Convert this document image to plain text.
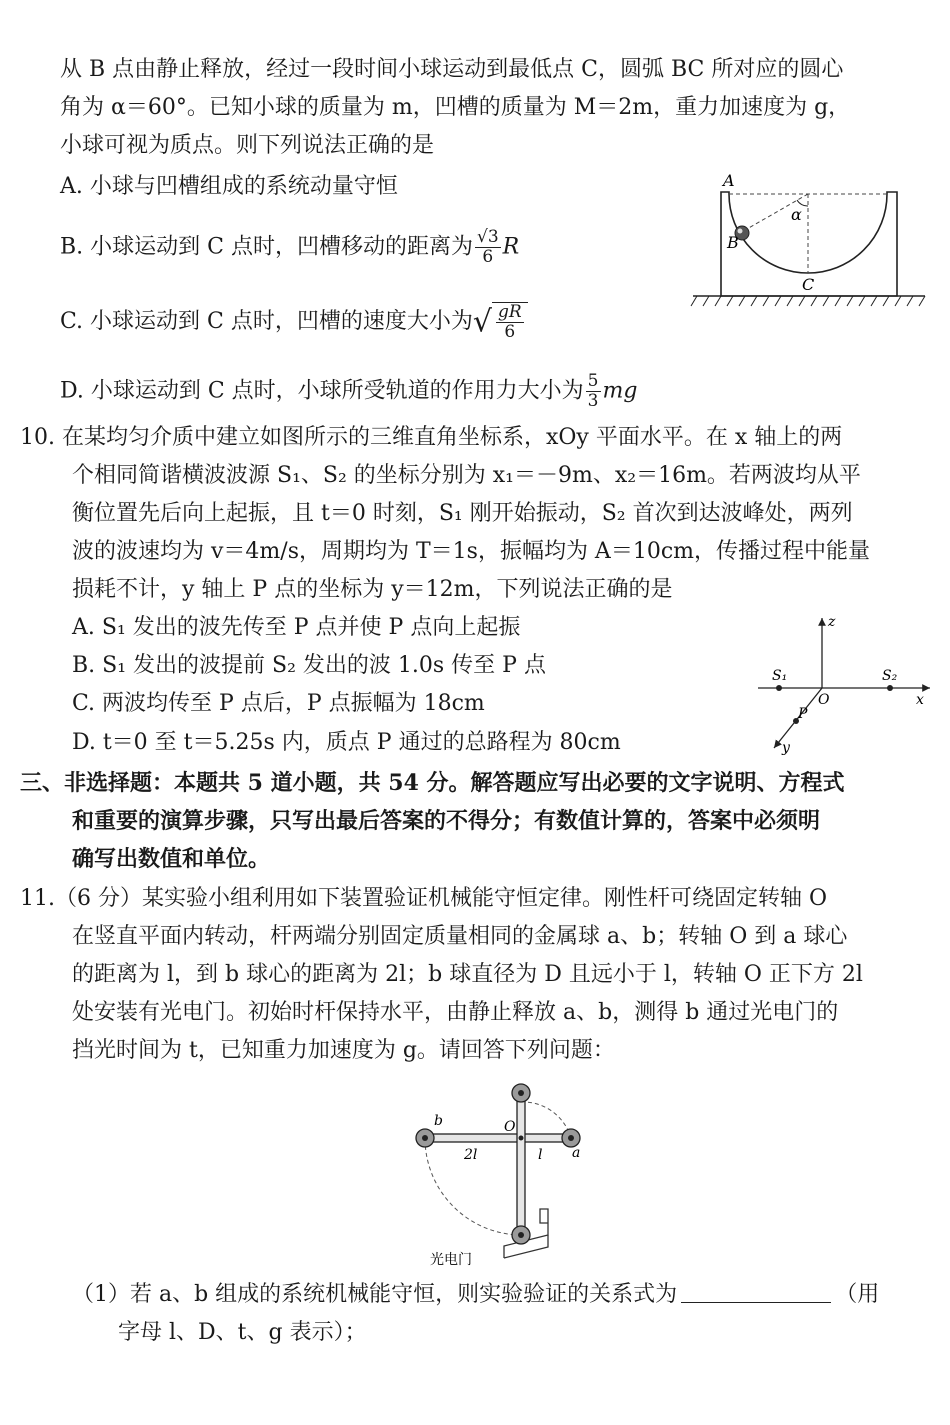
从 B 点由静止释放，经过一段时间小球运动到最低点 C，圆弧 BC 所对应的圆心
角为 α＝60°。已知小球的质量为 m，凹槽的质量为 M＝2m，重力加速度为 g，
小球可视为质点。则下列说法正确的是
A. 小球与凹槽组成的系统动量守恒
B. 小球运动到 C 点时，凹槽移动的距离为 $\frac{√3}{6}$ R
C. 小球运动到 C 点时，凹槽的速度大小为√ $\frac{gR}{6}$
D. 小球运动到 C 点时，小球所受轨道的作用力大小为 $\frac{5}{3}$ mg
A
B
C
α
10. 在某均匀介质中建立如图所示的三维直角坐标系，xOy 平面水平。在 x 轴上的两
个相同简谐横波波源 S₁、S₂ 的坐标分别为 x₁＝－9m、x₂＝16m。若两波均从平
衡位置先后向上起振，且 t＝0 时刻，S₁ 刚开始振动，S₂ 首次到达波峰处，两列
波的波速均为 v＝4m/s，周期均为 T＝1s，振幅均为 A＝10cm，传播过程中能量
损耗不计，y 轴上 P 点的坐标为 y＝12m，下列说法正确的是
A. S₁ 发出的波先传至 P 点并使 P 点向上起振
B. S₁ 发出的波提前 S₂ 发出的波 1.0s 传至 P 点
C. 两波均传至 P 点后，P 点振幅为 18cm
D. t＝0 至 t＝5.25s 内，质点 P 通过的总路程为 80cm
z
x
y
O
S₁	S₂
P
三、非选择题：本题共 5 道小题，共 54 分。解答题应写出必要的文字说明、方程式
和重要的演算步骤，只写出最后答案的不得分；有数值计算的，答案中必须明
确写出数值和单位。
11.（6 分）某实验小组利用如下装置验证机械能守恒定律。刚性杆可绕固定转轴 O
在竖直平面内转动，杆两端分别固定质量相同的金属球 a、b；转轴 O 到 a 球心
的距离为 l，到 b 球心的距离为 2l；b 球直径为 D 且远小于 l，转轴 O 正下方 2l
处安装有光电门。初始时杆保持水平，由静止释放 a、b，测得 b 通过光电门的
挡光时间为 t，已知重力加速度为 g。请回答下列问题：
b	O
a
2l	l
光电门
（1）若 a、b 组成的系统机械能守恒，则实验验证的关系式为	（用
字母 l、D、t、g 表示）；
